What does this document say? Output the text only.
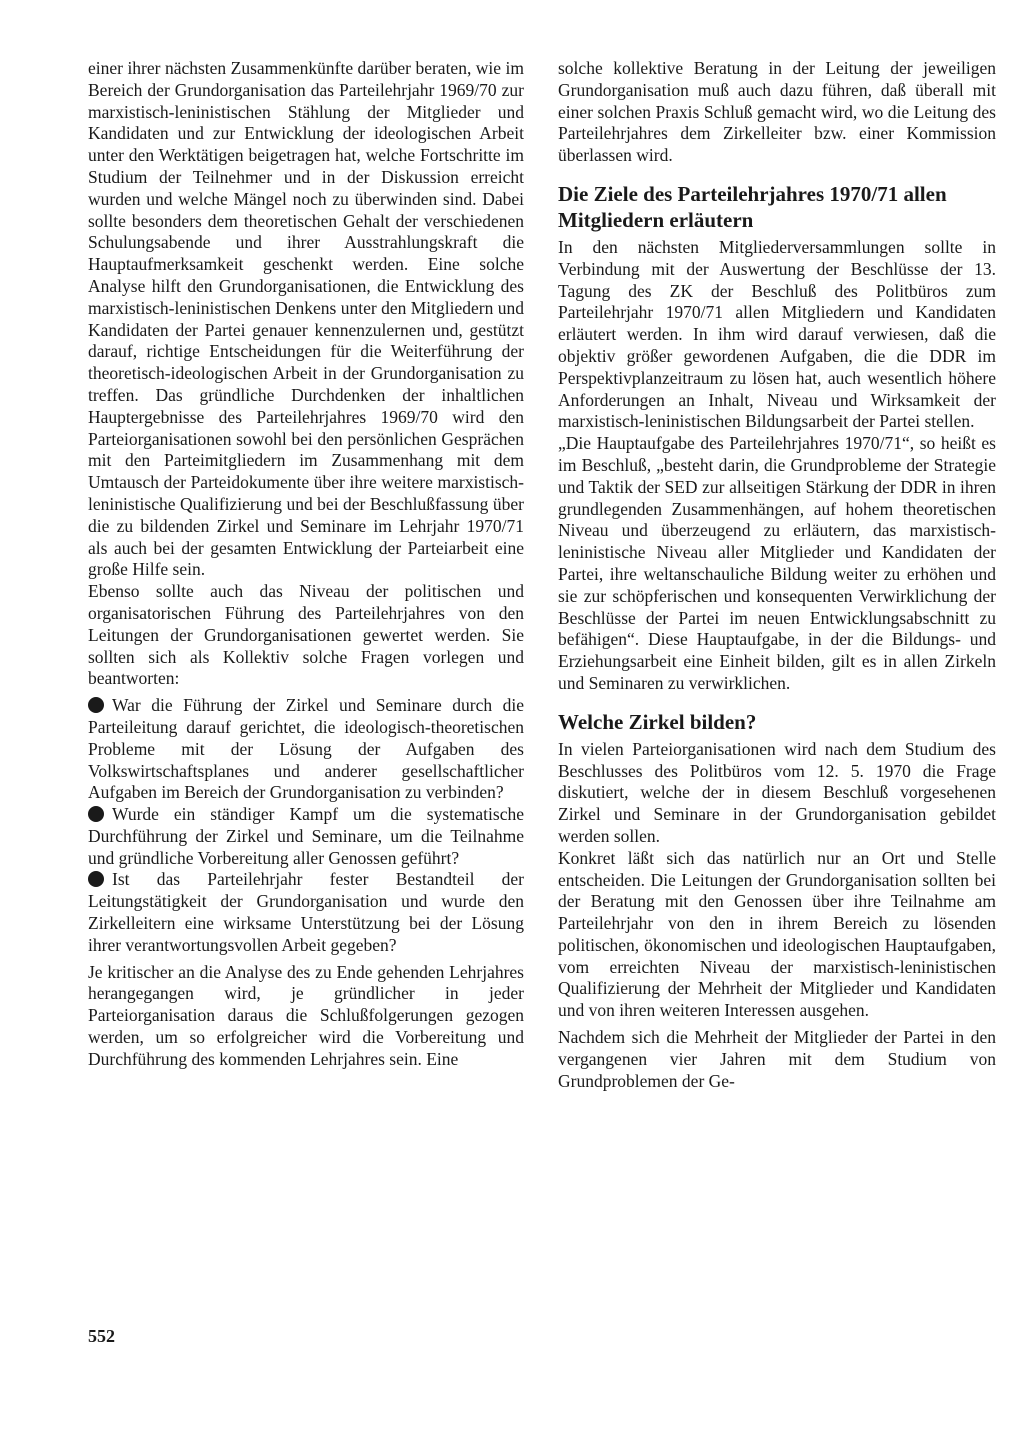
einer ihrer nächsten Zusammenkünfte darüber beraten, wie im Bereich der Grundorganisation das Parteilehrjahr 1969/70 zur marxistisch-leninistischen Stählung der Mitglieder und Kandidaten und zur Entwicklung der ideologischen Arbeit unter den Werktätigen beigetragen hat, welche Fortschritte im Studium der Teilnehmer und in der Diskussion erreicht wurden und welche Mängel noch zu überwinden sind. Dabei sollte besonders dem theoretischen Gehalt der verschiedenen Schulungsabende und ihrer Ausstrahlungskraft die Hauptaufmerksamkeit geschenkt werden. Eine solche Analyse hilft den Grundorganisationen, die Entwicklung des marxistisch-leninistischen Denkens unter den Mitgliedern und Kandidaten der Partei genauer kennenzulernen und, gestützt darauf, richtige Entscheidungen für die Weiterführung der theoretisch-ideologischen Arbeit in der Grundorganisation zu treffen. Das gründliche Durchdenken der inhaltlichen Hauptergebnisse des Parteilehrjahres 1969/70 wird den Parteiorganisationen sowohl bei den persönlichen Gesprächen mit den Parteimitgliedern im Zusammenhang mit dem Umtausch der Parteidokumente über ihre weitere marxistisch-leninistische Qualifizierung und bei der Beschlußfassung über die zu bildenden Zirkel und Seminare im Lehrjahr 1970/71 als auch bei der gesamten Entwicklung der Parteiarbeit eine große Hilfe sein.

Ebenso sollte auch das Niveau der politischen und organisatorischen Führung des Parteilehrjahres von den Leitungen der Grundorganisationen gewertet werden. Sie sollten sich als Kollektiv solche Fragen vorlegen und beantworten:

War die Führung der Zirkel und Seminare durch die Parteileitung darauf gerichtet, die ideologisch-theoretischen Probleme mit der Lösung der Aufgaben des Volkswirtschaftsplanes und anderer gesellschaftlicher Aufgaben im Bereich der Grundorganisation zu verbinden?

Wurde ein ständiger Kampf um die systematische Durchführung der Zirkel und Seminare, um die Teilnahme und gründliche Vorbereitung aller Genossen geführt?

Ist das Parteilehrjahr fester Bestandteil der Leitungstätigkeit der Grundorganisation und wurde den Zirkelleitern eine wirksame Unterstützung bei der Lösung ihrer verantwortungsvollen Arbeit gegeben?

Je kritischer an die Analyse des zu Ende gehenden Lehrjahres herangegangen wird, je gründlicher in jeder Parteiorganisation daraus die Schlußfolgerungen gezogen werden, um so erfolgreicher wird die Vorbereitung und Durchführung des kommenden Lehrjahres sein. Eine

solche kollektive Beratung in der Leitung der jeweiligen Grundorganisation muß auch dazu führen, daß überall mit einer solchen Praxis Schluß gemacht wird, wo die Leitung des Parteilehrjahres dem Zirkelleiter bzw. einer Kommission überlassen wird.

Die Ziele des Parteilehrjahres 1970/71 allen Mitgliedern erläutern

In den nächsten Mitgliederversammlungen sollte in Verbindung mit der Auswertung der Beschlüsse der 13. Tagung des ZK der Beschluß des Politbüros zum Parteilehrjahr 1970/71 allen Mitgliedern und Kandidaten erläutert werden. In ihm wird darauf verwiesen, daß die objektiv größer gewordenen Aufgaben, die die DDR im Perspektivplanzeitraum zu lösen hat, auch wesentlich höhere Anforderungen an Inhalt, Niveau und Wirksamkeit der marxistisch-leninistischen Bildungsarbeit der Partei stellen.

„Die Hauptaufgabe des Parteilehrjahres 1970/71“, so heißt es im Beschluß, „besteht darin, die Grundprobleme der Strategie und Taktik der SED zur allseitigen Stärkung der DDR in ihren grundlegenden Zusammenhängen, auf hohem theoretischen Niveau und überzeugend zu erläutern, das marxistisch-leninistische Niveau aller Mitglieder und Kandidaten der Partei, ihre weltanschauliche Bildung weiter zu erhöhen und sie zur schöpferischen und konsequenten Verwirklichung der Beschlüsse der Partei im neuen Entwicklungsabschnitt zu befähigen“. Diese Hauptaufgabe, in der die Bildungs- und Erziehungsarbeit eine Einheit bilden, gilt es in allen Zirkeln und Seminaren zu verwirklichen.

Welche Zirkel bilden?

In vielen Parteiorganisationen wird nach dem Studium des Beschlusses des Politbüros vom 12. 5. 1970 die Frage diskutiert, welche der in diesem Beschluß vorgesehenen Zirkel und Seminare in der Grundorganisation gebildet werden sollen.

Konkret läßt sich das natürlich nur an Ort und Stelle entscheiden. Die Leitungen der Grundorganisation sollten bei der Beratung mit den Genossen über ihre Teilnahme am Parteilehrjahr von den in ihrem Bereich zu lösenden politischen, ökonomischen und ideologischen Hauptaufgaben, vom erreichten Niveau der marxistisch-leninistischen Qualifizierung der Mehrheit der Mitglieder und Kandidaten und von ihren weiteren Interessen ausgehen.

Nachdem sich die Mehrheit der Mitglieder der Partei in den vergangenen vier Jahren mit dem Studium von Grundproblemen der Ge-

552
